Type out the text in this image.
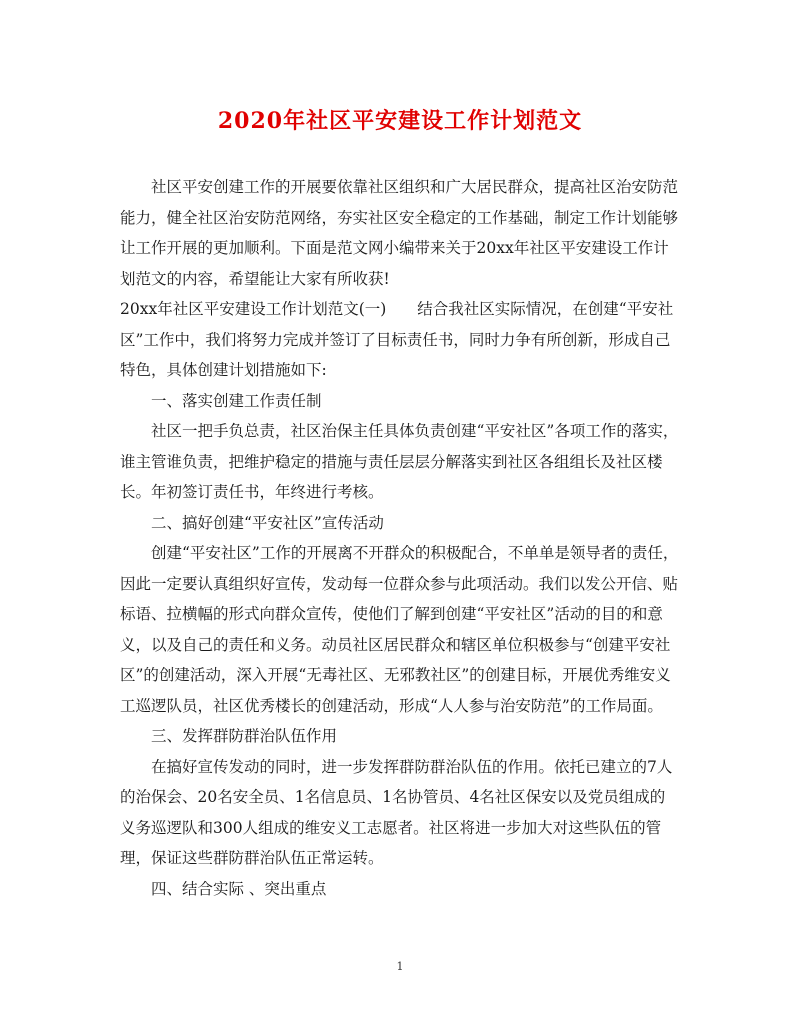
2020年社区平安建设工作计划范文

社区平安创建工作的开展要依靠社区组织和广大居民群众，提高社区治安防范能力，健全社区治安防范网络，夯实社区安全稳定的工作基础，制定工作计划能够让工作开展的更加顺利。下面是范文网小编带来关于20xx年社区平安建设工作计划范文的内容，希望能让大家有所收获!

20xx年社区平安建设工作计划范文(一)　　结合我社区实际情况，在创建“平安社区”工作中，我们将努力完成并签订了目标责任书，同时力争有所创新，形成自己特色，具体创建计划措施如下:

一、落实创建工作责任制

社区一把手负总责，社区治保主任具体负责创建“平安社区”各项工作的落实，谁主管谁负责，把维护稳定的措施与责任层层分解落实到社区各组组长及社区楼长。年初签订责任书，年终进行考核。

二、搞好创建“平安社区”宣传活动

创建“平安社区”工作的开展离不开群众的积极配合，不单单是领导者的责任，因此一定要认真组织好宣传，发动每一位群众参与此项活动。我们以发公开信、贴标语、拉横幅的形式向群众宣传，使他们了解到创建“平安社区”活动的目的和意义，以及自己的责任和义务。动员社区居民群众和辖区单位积极参与“创建平安社区”的创建活动，深入开展“无毒社区、无邪教社区”的创建目标，开展优秀维安义工巡逻队员，社区优秀楼长的创建活动，形成“人人参与治安防范”的工作局面。

三、发挥群防群治队伍作用

在搞好宣传发动的同时，进一步发挥群防群治队伍的作用。依托已建立的7人的治保会、20名安全员、1名信息员、1名协管员、4名社区保安以及党员组成的义务巡逻队和300人组成的维安义工志愿者。社区将进一步加大对这些队伍的管理，保证这些群防群治队伍正常运转。

四、结合实际 、突出重点

1
